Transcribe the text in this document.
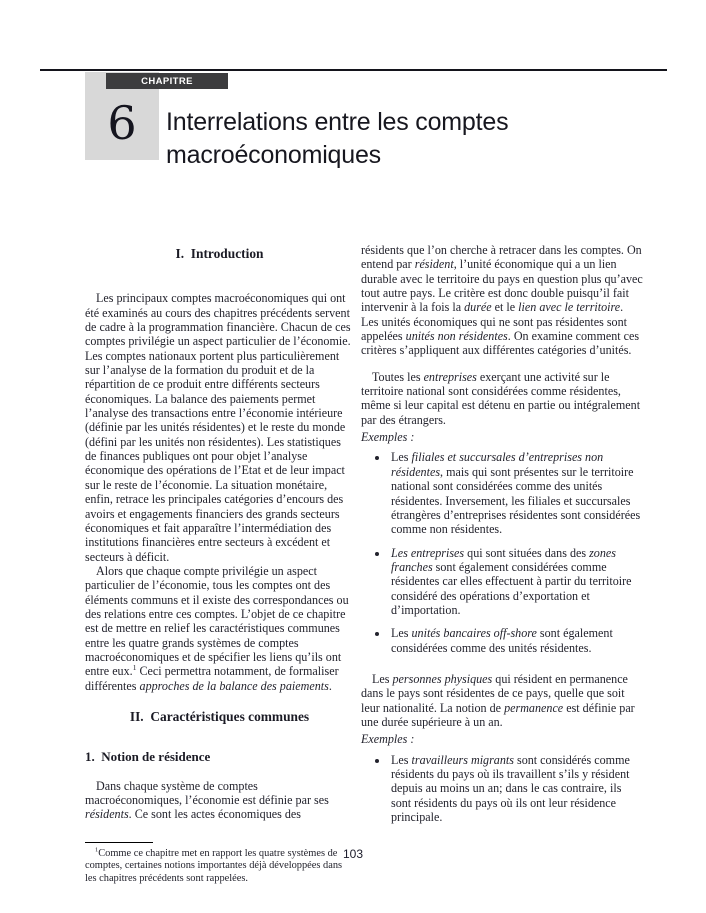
6
CHAPITRE
Interrelations entre les comptes macroéconomiques
I. Introduction

Les principaux comptes macroéconomiques qui ont été examinés au cours des chapitres précédents servent de cadre à la programmation financière. Chacun de ces comptes privilégie un aspect particulier de l’économie. Les comptes nationaux portent plus particulièrement sur l’analyse de la formation du produit et de la répartition de ce produit entre différents secteurs économiques. La balance des paiements permet l’analyse des transactions entre l’économie intérieure (définie par les unités résidentes) et le reste du monde (défini par les unités non résidentes). Les statistiques de finances publiques ont pour objet l’analyse économique des opérations de l’Etat et de leur impact sur le reste de l’économie. La situation monétaire, enfin, retrace les principales catégories d’encours des avoirs et engagements financiers des grands secteurs économiques et fait apparaître l’intermédiation des institutions financières entre secteurs à excédent et secteurs à déficit.

Alors que chaque compte privilégie un aspect particulier de l’économie, tous les comptes ont des éléments communs et il existe des correspondances ou des relations entre ces comptes. L’objet de ce chapitre est de mettre en relief les caractéristiques communes entre les quatre grands systèmes de comptes macroéconomiques et de spécifier les liens qu’ils ont entre eux.$^1$ Ceci permettra notamment, de formaliser différentes approches de la balance des paiements.

II. Caractéristiques communes
1. Notion de résidence

Dans chaque système de comptes macroéconomiques, l’économie est définie par ses résidents. Ce sont les actes économiques des

$^1$Comme ce chapitre met en rapport les quatre systèmes de comptes, certaines notions importantes déjà développées dans les chapitres précédents sont rappelées.

résidents que l’on cherche à retracer dans les comptes. On entend par résident, l’unité économique qui a un lien durable avec le territoire du pays en question plus qu’avec tout autre pays. Le critère est donc double puisqu’il fait intervenir à la fois la durée et le lien avec le territoire. Les unités économiques qui ne sont pas résidentes sont appelées unités non résidentes. On examine comment ces critères s’appliquent aux différentes catégories d’unités.

Toutes les entreprises exerçant une activité sur le territoire national sont considérées comme résidentes, même si leur capital est détenu en partie ou intégralement par des étrangers.

Exemples :

• Les filiales et succursales d’entreprises non résidentes, mais qui sont présentes sur le territoire national sont considérées comme des unités résidentes. Inversement, les filiales et succursales étrangères d’entreprises résidentes sont considérées comme non résidentes.
• Les entreprises qui sont situées dans des zones franches sont également considérées comme résidentes car elles effectuent à partir du territoire considéré des opérations d’exportation et d’importation.
• Les unités bancaires off-shore sont également considérées comme des unités résidentes.

Les personnes physiques qui résident en permanence dans le pays sont résidentes de ce pays, quelle que soit leur nationalité. La notion de permanence est définie par une durée supérieure à un an.

Exemples :

• Les travailleurs migrants sont considérés comme résidents du pays où ils travaillent s’ils y résident depuis au moins un an; dans le cas contraire, ils sont résidents du pays où ils ont leur résidence principale.
103
